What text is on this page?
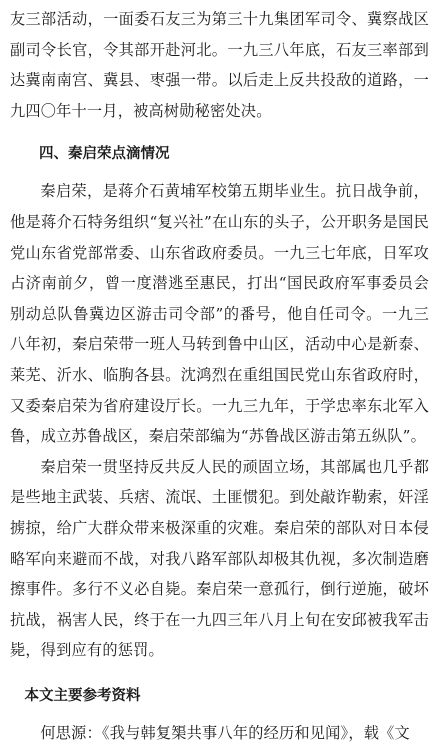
友三部活动，一面委石友三为第三十九集团军司令、冀察战区副司令长官，令其部开赴河北。一九三八年底，石友三率部到达冀南南宫、冀县、枣强一带。以后走上反共投敌的道路，一九四〇年十一月，被高树勋秘密处决。

四、秦启荣点滴情况

秦启荣，是蒋介石黄埔军校第五期毕业生。抗日战争前，他是蒋介石特务组织“复兴社”在山东的头子，公开职务是国民党山东省党部常委、山东省政府委员。一九三七年底，日军攻占济南前夕，曾一度潜逃至惠民，打出“国民政府军事委员会别动总队鲁冀边区游击司令部”的番号，他自任司令。一九三八年初，秦启荣带一班人马转到鲁中山区，活动中心是新泰、莱芜、沂水、临朐各县。沈鸿烈在重组国民党山东省政府时，又委秦启荣为省府建设厅长。一九三九年，于学忠率东北军入鲁，成立苏鲁战区，秦启荣部编为“苏鲁战区游击第五纵队”。

秦启荣一贯坚持反共反人民的顽固立场，其部属也几乎都是些地主武装、兵痞、流氓、土匪惯犯。到处敲诈勒索，奸淫掳掠，给广大群众带来极深重的灾难。秦启荣的部队对日本侵略军向来避而不战，对我八路军部队却极其仇视，多次制造磨擦事件。多行不义必自毙。秦启荣一意孤行，倒行逆施，破坏抗战，祸害人民，终于在一九四三年八月上旬在安邱被我军击毙，得到应有的惩罚。

本文主要参考资料

何思源：《我与韩复榘共事八年的经历和见闻》，载《文
